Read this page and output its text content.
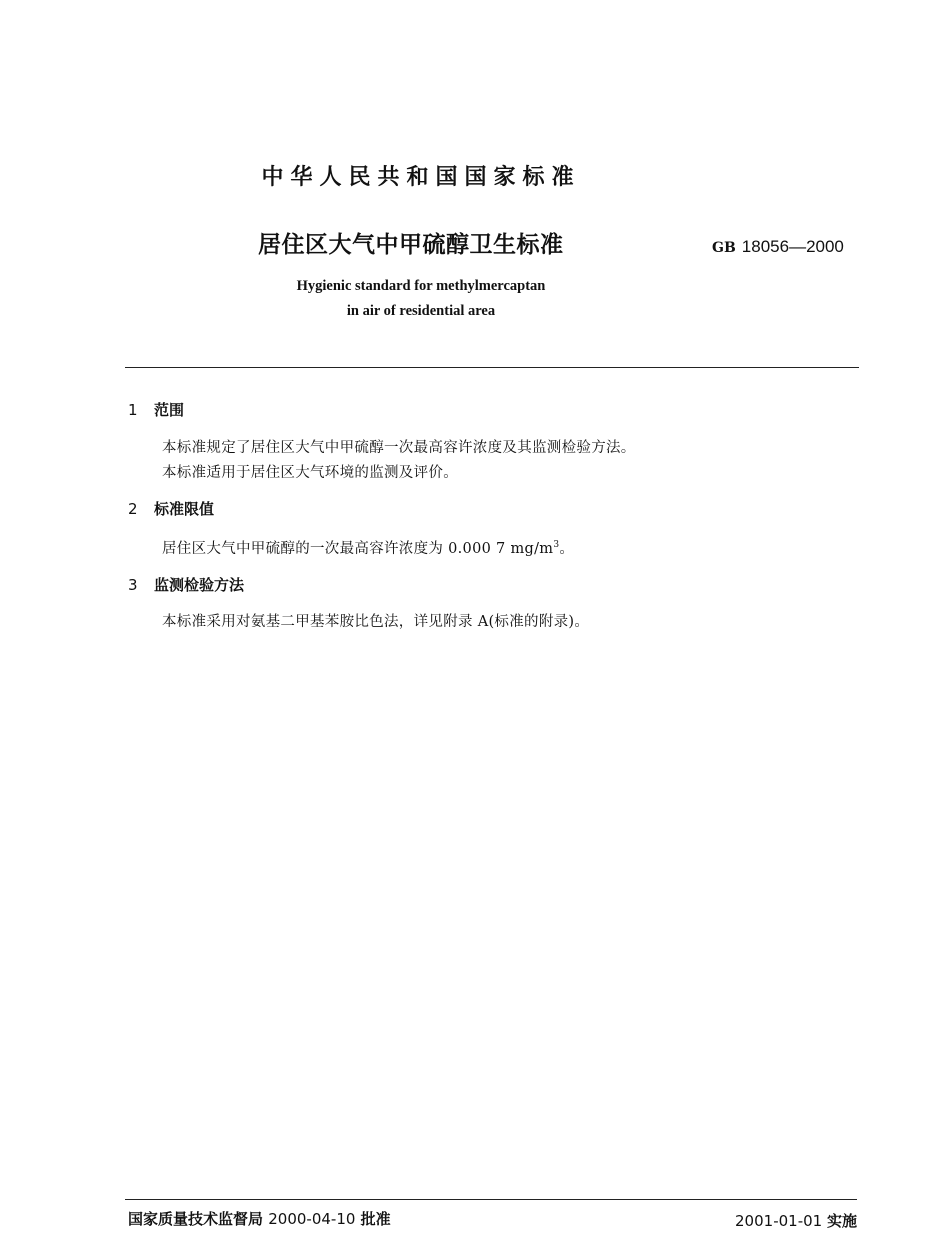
中华人民共和国国家标准
居住区大气中甲硫醇卫生标准	GB 18056—2000
Hygienic standard for methylmercaptan
in air of residential area
1 范围
本标准规定了居住区大气中甲硫醇一次最高容许浓度及其监测检验方法。
本标准适用于居住区大气环境的监测及评价。
2 标准限值
居住区大气中甲硫醇的一次最高容许浓度为 0.000 7 $mg/m^3$。
3 监测检验方法
本标准采用对氨基二甲基苯胺比色法，详见附录 A(标准的附录)。
国家质量技术监督局 2000-04-10 批准	2001-01-01 实施
